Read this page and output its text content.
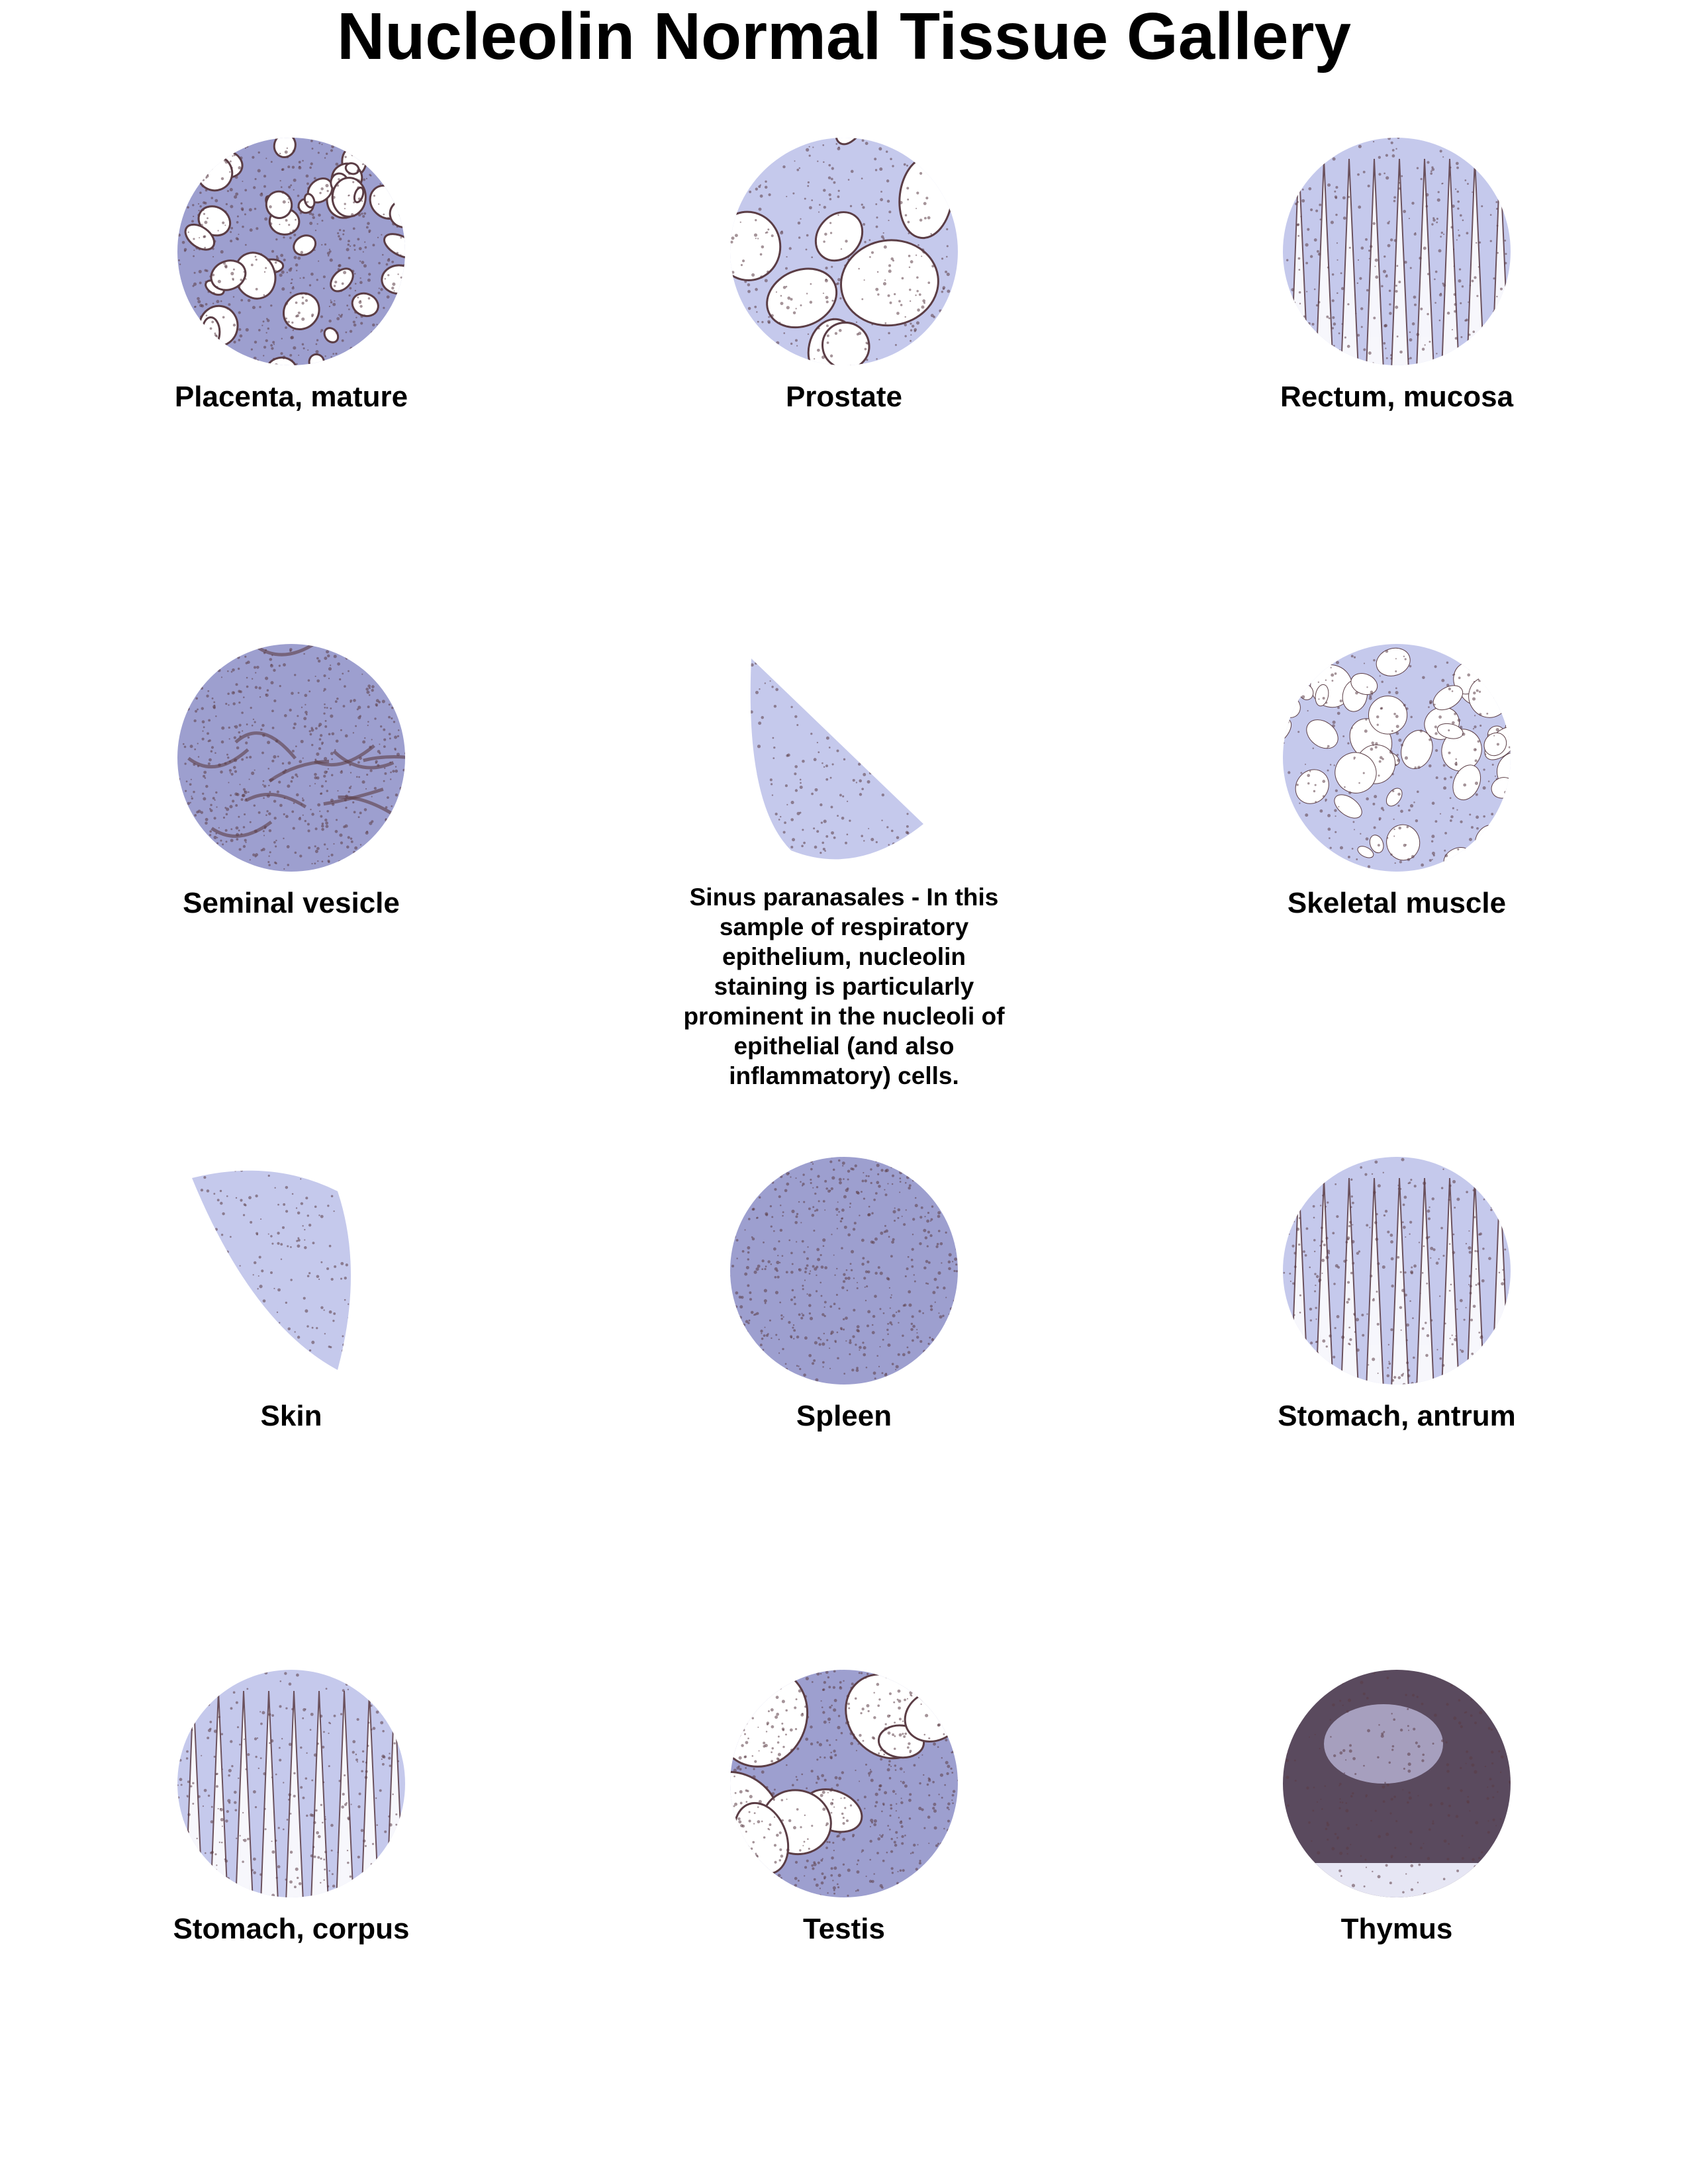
Nucleolin Normal Tissue Gallery
Placenta, mature	Prostate	Rectum, mucosa
Seminal vesicle	Sinus paranasales - In this sample of respiratory epithelium, nucleolin staining is particularly prominent in the nucleoli of epithelial (and also inflammatory) cells.
Skeletal muscle
Skin	Spleen	Stomach, antrum
Stomach, corpus	Testis	Thymus
